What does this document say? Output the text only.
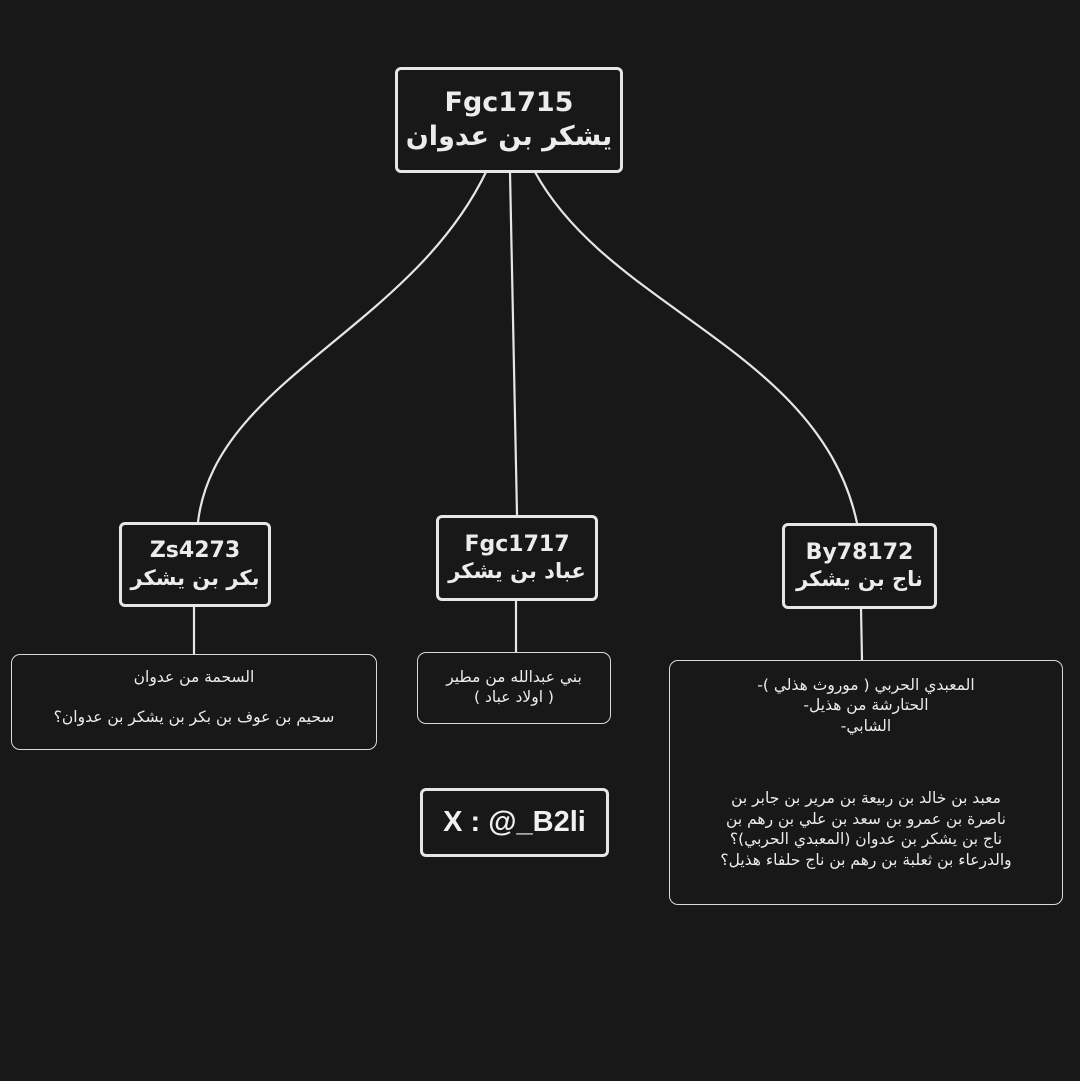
Fgc1715
يشكر بن عدوان
Zs4273
بكر بن يشكر
Fgc1717
عباد بن يشكر
By78172
ناج بن يشكر
السحمة من عدوان
سحيم بن عوف بن بكر بن يشكر بن عدوان؟
بني عبدالله من مطير
( اولاد عباد )
المعبدي الحربي ( موروث هذلي )-
الحتارشة من هذيل-
الشابي-
معبد بن خالد بن ربيعة بن مرير بن جابر بن
ناصرة بن عمرو بن سعد بن علي بن رهم بن
ناج بن يشكر بن عدوان (المعبدي الحربي)؟
والدرعاء بن ثعلبة بن رهم بن ناج حلفاء هذيل؟
X : @_B2li
